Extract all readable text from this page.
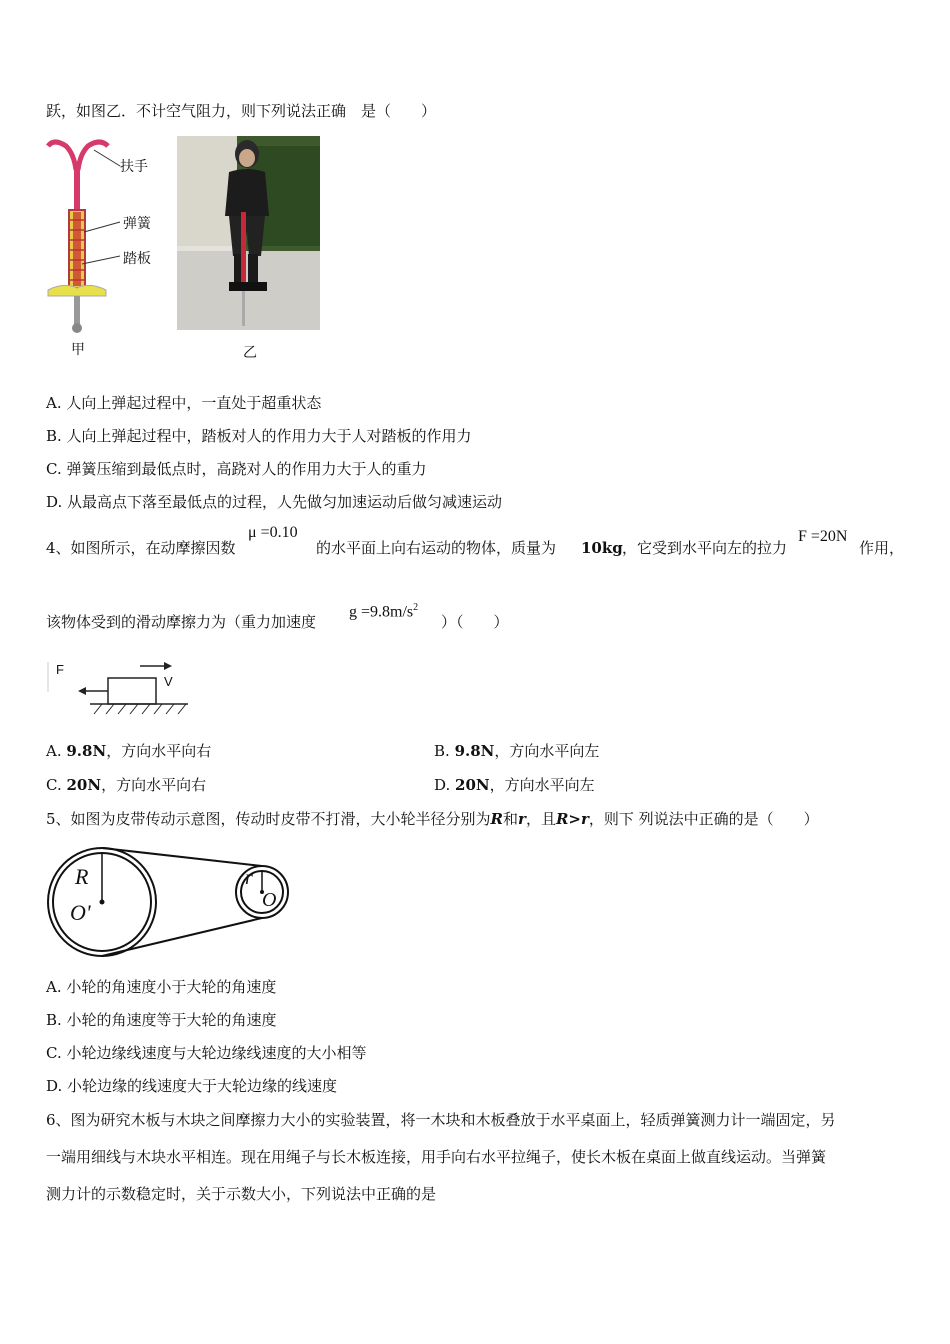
跃，如图乙．不计空气阻力，则下列说法正确　是（　　）
扶手
弹簧
踏板
甲	乙
A. 人向上弹起过程中，一直处于超重状态
B. 人向上弹起过程中，踏板对人的作用力大于人对踏板的作用力
C. 弹簧压缩到最低点时，高跷对人的作用力大于人的重力
D. 从最高点下落至最低点的过程，人先做匀加速运动后做匀减速运动
4、如图所示，在动摩擦因数
μ =0.10
的水平面上向右运动的物体，质量为 10kg ，它受到水平向左的拉力
F =20N
作用，
该物体受到的滑动摩擦力为（重力加速度
$g =9.8m/s^2$
）（　　）
F
V
A. 9.8N，方向水平向右	B. 9.8N，方向水平向左
C. 20N，方向水平向右	D. 20N，方向水平向左
5、如图为皮带传动示意图，传动时皮带不打滑，大小轮半径分别为R和r，且R>r，则下 列说法中正确的是（　　）
R
O'
r
O
A. 小轮的角速度小于大轮的角速度
B. 小轮的角速度等于大轮的角速度
C. 小轮边缘线速度与大轮边缘线速度的大小相等
D. 小轮边缘的线速度大于大轮边缘的线速度
6、图为研究木板与木块之间摩擦力大小的实验装置，将一木块和木板叠放于水平桌面上，轻质弹簧测力计一端固定，另
一端用细线与木块水平相连。现在用绳子与长木板连接，用手向右水平拉绳子，使长木板在桌面上做直线运动。当弹簧
测力计的示数稳定时，关于示数大小，下列说法中正确的是
